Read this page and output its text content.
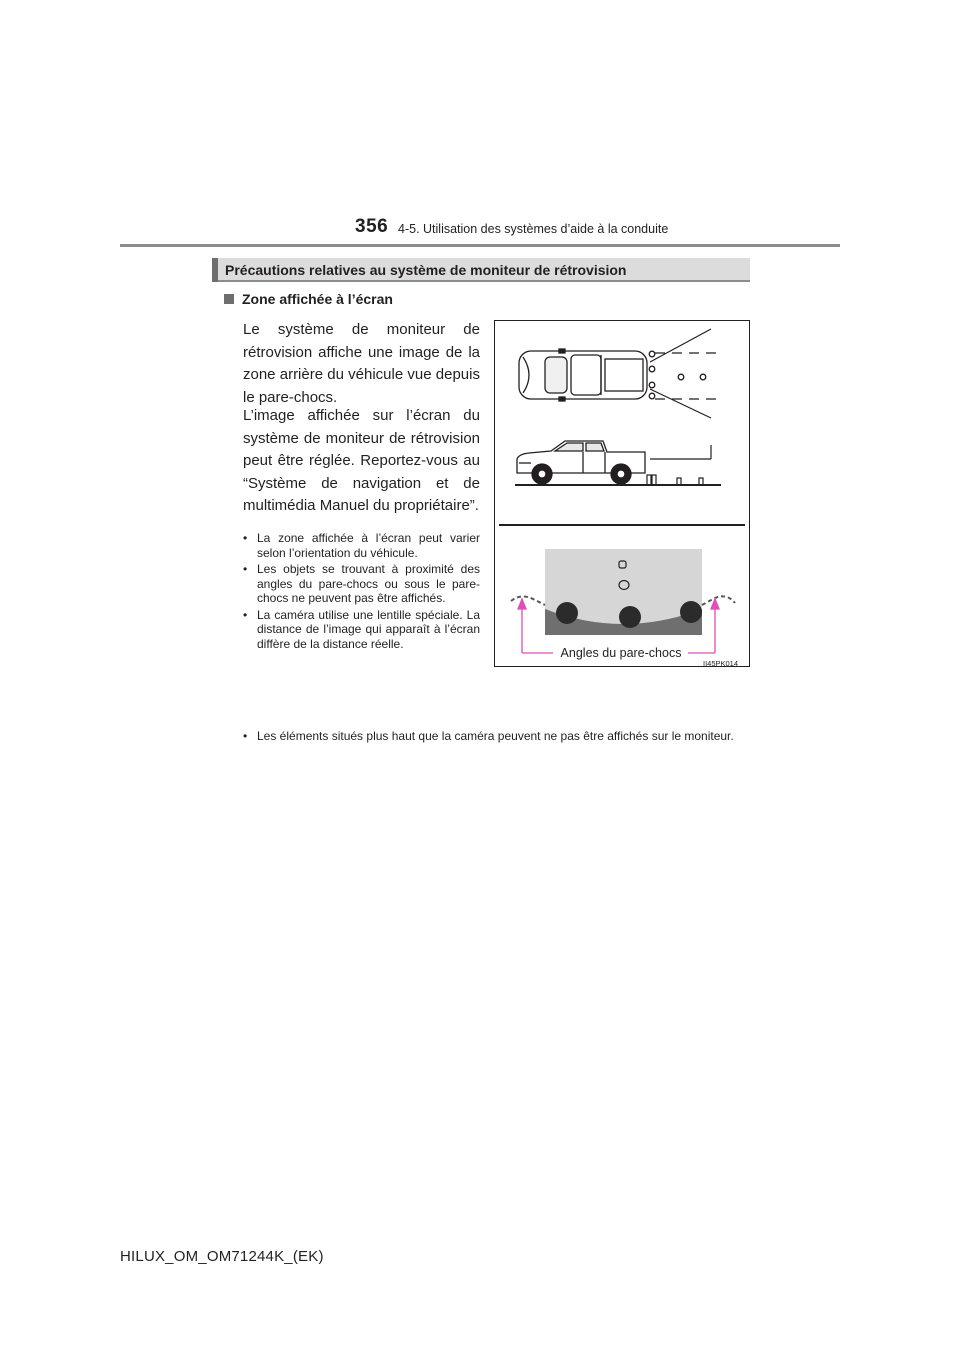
356 4-5. Utilisation des systèmes d’aide à la conduite
Précautions relatives au système de moniteur de rétrovision
Zone affichée à l’écran
Le système de moniteur de rétrovision affiche une image de la zone arrière du véhicule vue depuis le pare-chocs.
L’image affichée sur l’écran du système de moniteur de rétrovision peut être réglée. Reportez-vous au “Système de navigation et de multimédia Manuel du propriétaire”.
• La zone affichée à l’écran peut varier selon l’orientation du véhicule.
• Les objets se trouvant à proximité des angles du pare-chocs ou sous le pare-chocs ne peuvent pas être affichés.
• La caméra utilise une lentille spéciale. La distance de l’image qui apparaît à l’écran diffère de la distance réelle.
• Les éléments situés plus haut que la caméra peuvent ne pas être affichés sur le moniteur.
Angles du pare-chocs
II45PK014
HILUX_OM_OM71244K_(EK)
